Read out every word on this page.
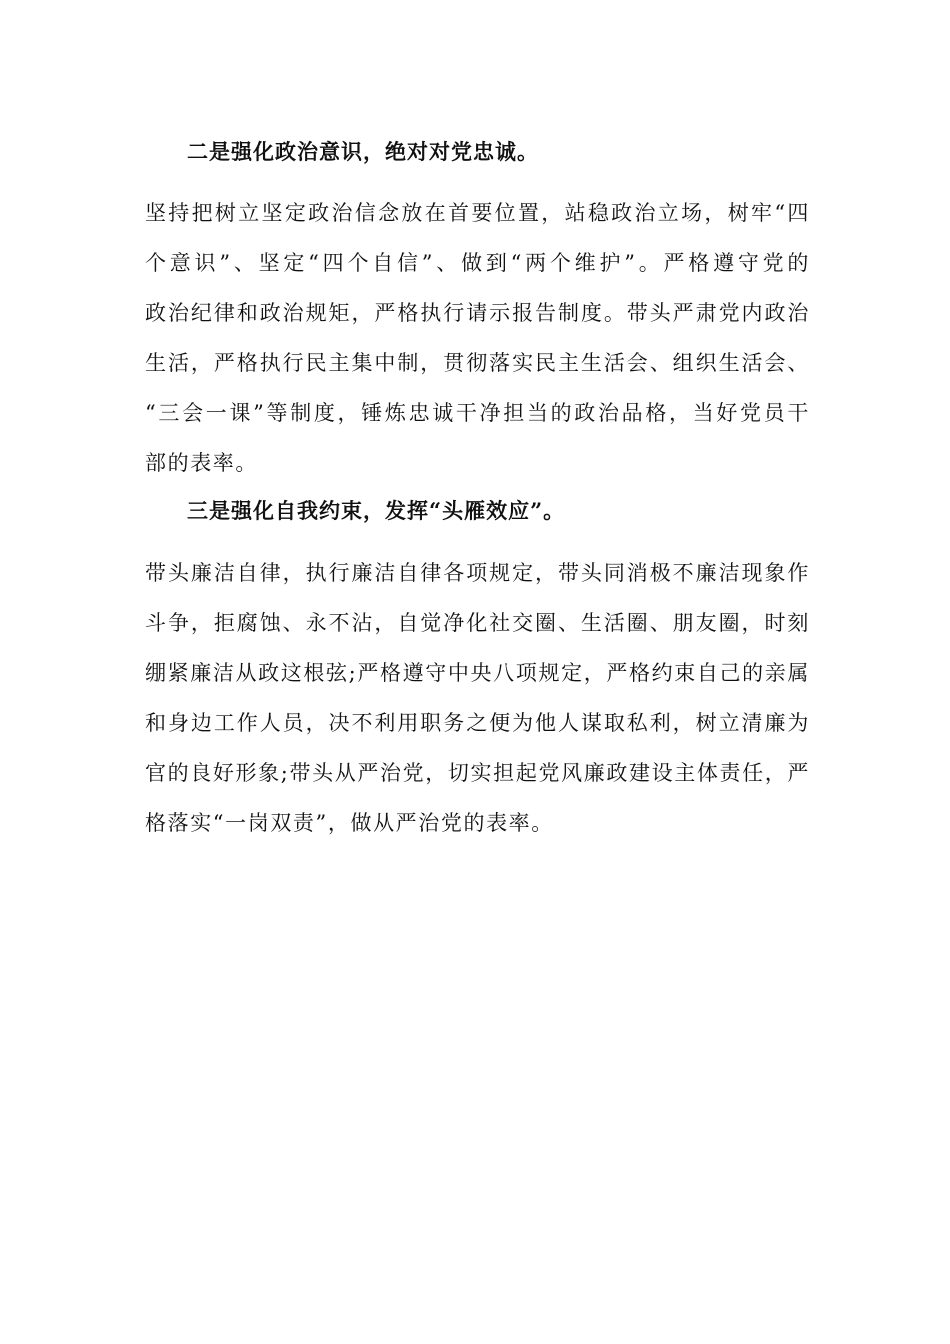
二是强化政治意识，绝对对党忠诚。
坚持把树立坚定政治信念放在首要位置，站稳政治立场，树牢“四
个意识”、坚定“四个自信”、做到“两个维护”。严格遵守党的
政治纪律和政治规矩，严格执行请示报告制度。带头严肃党内政治
生活，严格执行民主集中制，贯彻落实民主生活会、组织生活会、
“三会一课”等制度，锤炼忠诚干净担当的政治品格，当好党员干
部的表率。
三是强化自我约束，发挥“头雁效应”。
带头廉洁自律，执行廉洁自律各项规定，带头同消极不廉洁现象作
斗争，拒腐蚀、永不沾，自觉净化社交圈、生活圈、朋友圈，时刻
绷紧廉洁从政这根弦;严格遵守中央八项规定，严格约束自己的亲属
和身边工作人员，决不利用职务之便为他人谋取私利，树立清廉为
官的良好形象;带头从严治党，切实担起党风廉政建设主体责任，严
格落实“一岗双责”，做从严治党的表率。
